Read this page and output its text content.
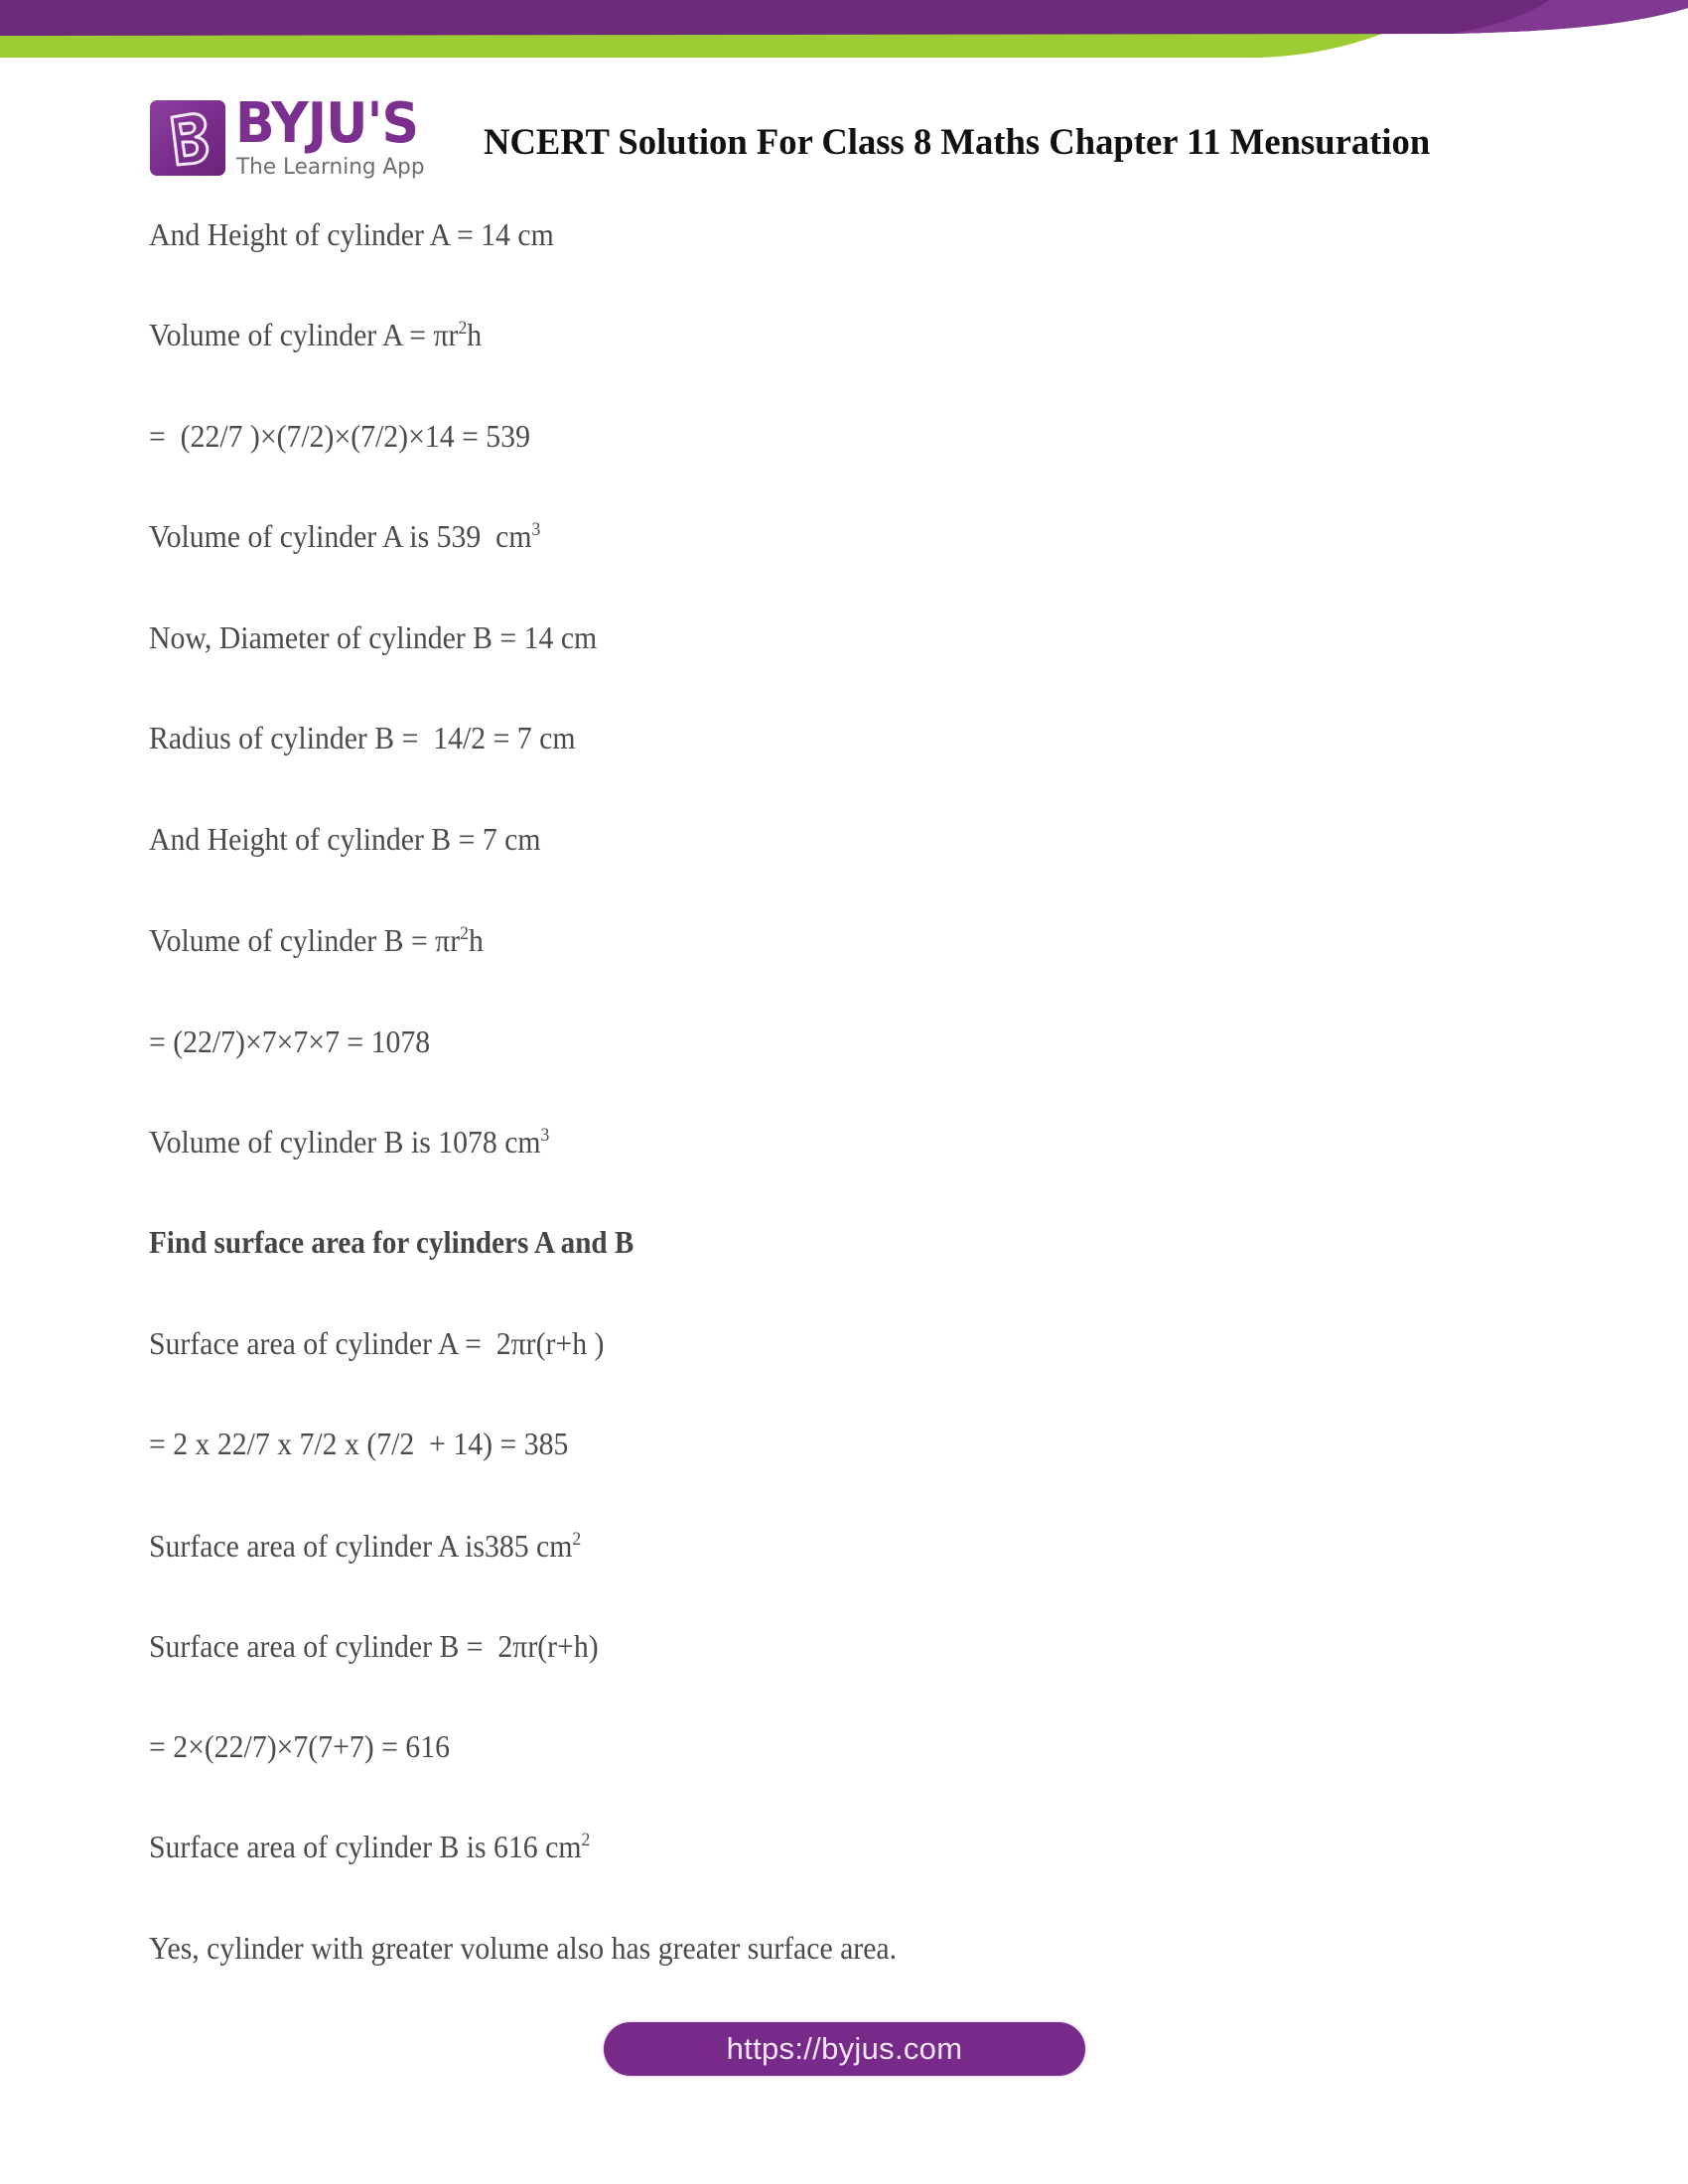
BYJU'S
The Learning App
NCERT Solution For Class 8 Maths Chapter 11 Mensuration
And Height of cylinder A = 14 cm
Volume of cylinder $A = \pi r^2h$
=  (22/7 )×(7/2)×(7/2)×14 = 539
Volume of cylinder A is 539  $cm^3$
Now, Diameter of cylinder B = 14 cm
Radius of cylinder B =  14/2 = 7 cm
And Height of cylinder B = 7 cm
Volume of cylinder $B = \pi r^2h$
= (22/7)×7×7×7 = 1078
Volume of cylinder B is 1078 $cm^3$
Find surface area for cylinders A and B
Surface area of cylinder A =  2πr(r+h )
= 2 x 22/7 x 7/2 x (7/2  + 14) = 385
Surface area of cylinder A is385 $cm^2$
Surface area of cylinder B =  2πr(r+h)
= 2×(22/7)×7(7+7) = 616
Surface area of cylinder B is 616 $cm^2$
Yes, cylinder with greater volume also has greater surface area.
https://byjus.com
